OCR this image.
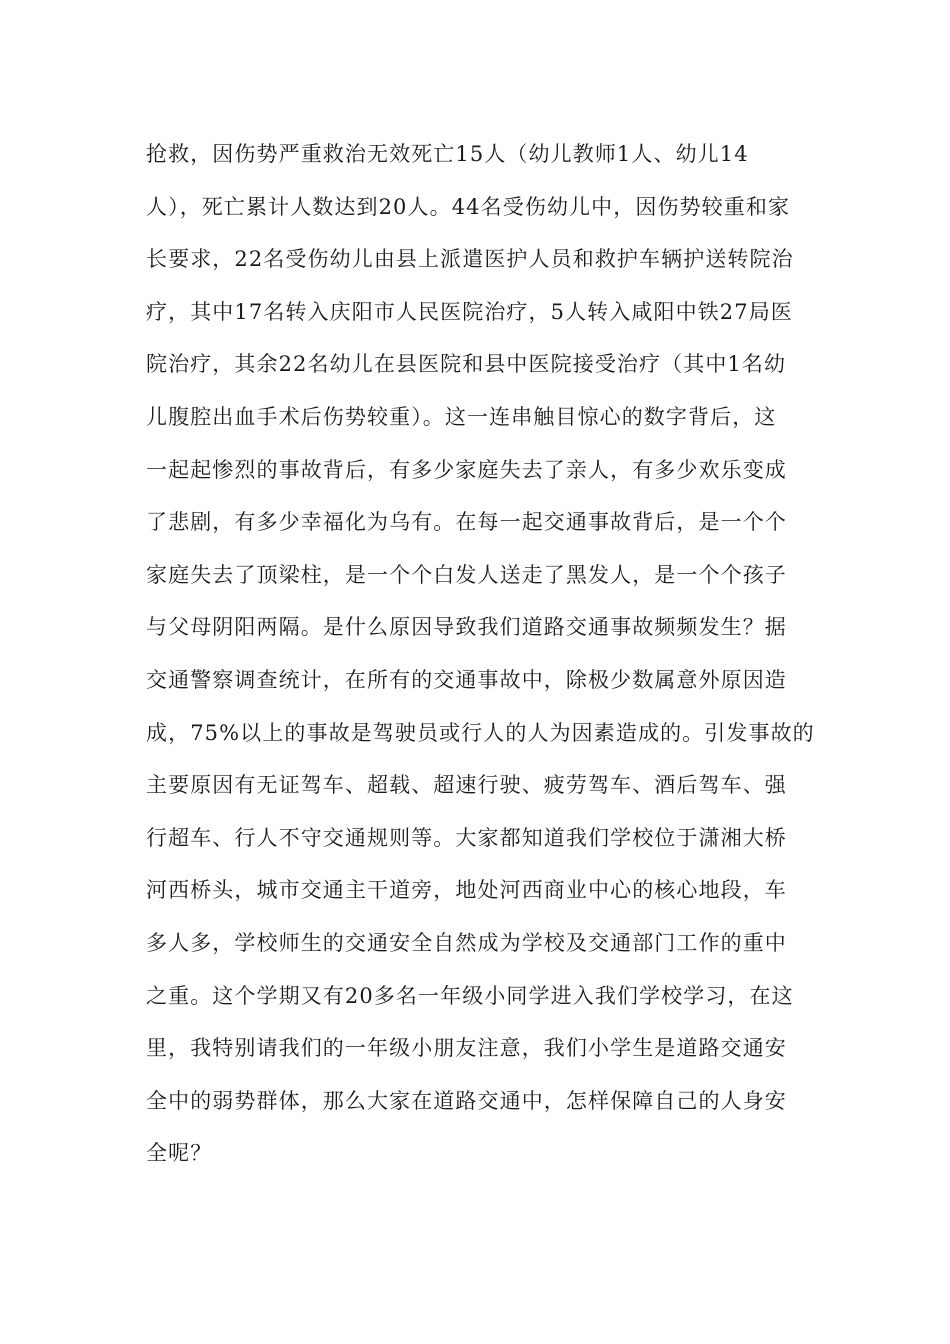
抢救，因伤势严重救治无效死亡15人（幼儿教师1人、幼儿14
人），死亡累计人数达到20人。44名受伤幼儿中，因伤势较重和家
长要求，22名受伤幼儿由县上派遣医护人员和救护车辆护送转院治
疗，其中17名转入庆阳市人民医院治疗，5人转入咸阳中铁27局医
院治疗，其余22名幼儿在县医院和县中医院接受治疗（其中1名幼
儿腹腔出血手术后伤势较重）。这一连串触目惊心的数字背后，这
一起起惨烈的事故背后，有多少家庭失去了亲人，有多少欢乐变成
了悲剧，有多少幸福化为乌有。在每一起交通事故背后，是一个个
家庭失去了顶梁柱，是一个个白发人送走了黑发人，是一个个孩子
与父母阴阳两隔。是什么原因导致我们道路交通事故频频发生？据
交通警察调查统计，在所有的交通事故中，除极少数属意外原因造
成，75%以上的事故是驾驶员或行人的人为因素造成的。引发事故的
主要原因有无证驾车、超载、超速行驶、疲劳驾车、酒后驾车、强
行超车、行人不守交通规则等。大家都知道我们学校位于潇湘大桥
河西桥头，城市交通主干道旁，地处河西商业中心的核心地段，车
多人多，学校师生的交通安全自然成为学校及交通部门工作的重中
之重。这个学期又有20多名一年级小同学进入我们学校学习，在这
里，我特别请我们的一年级小朋友注意，我们小学生是道路交通安
全中的弱势群体，那么大家在道路交通中，怎样保障自己的人身安
全呢？
